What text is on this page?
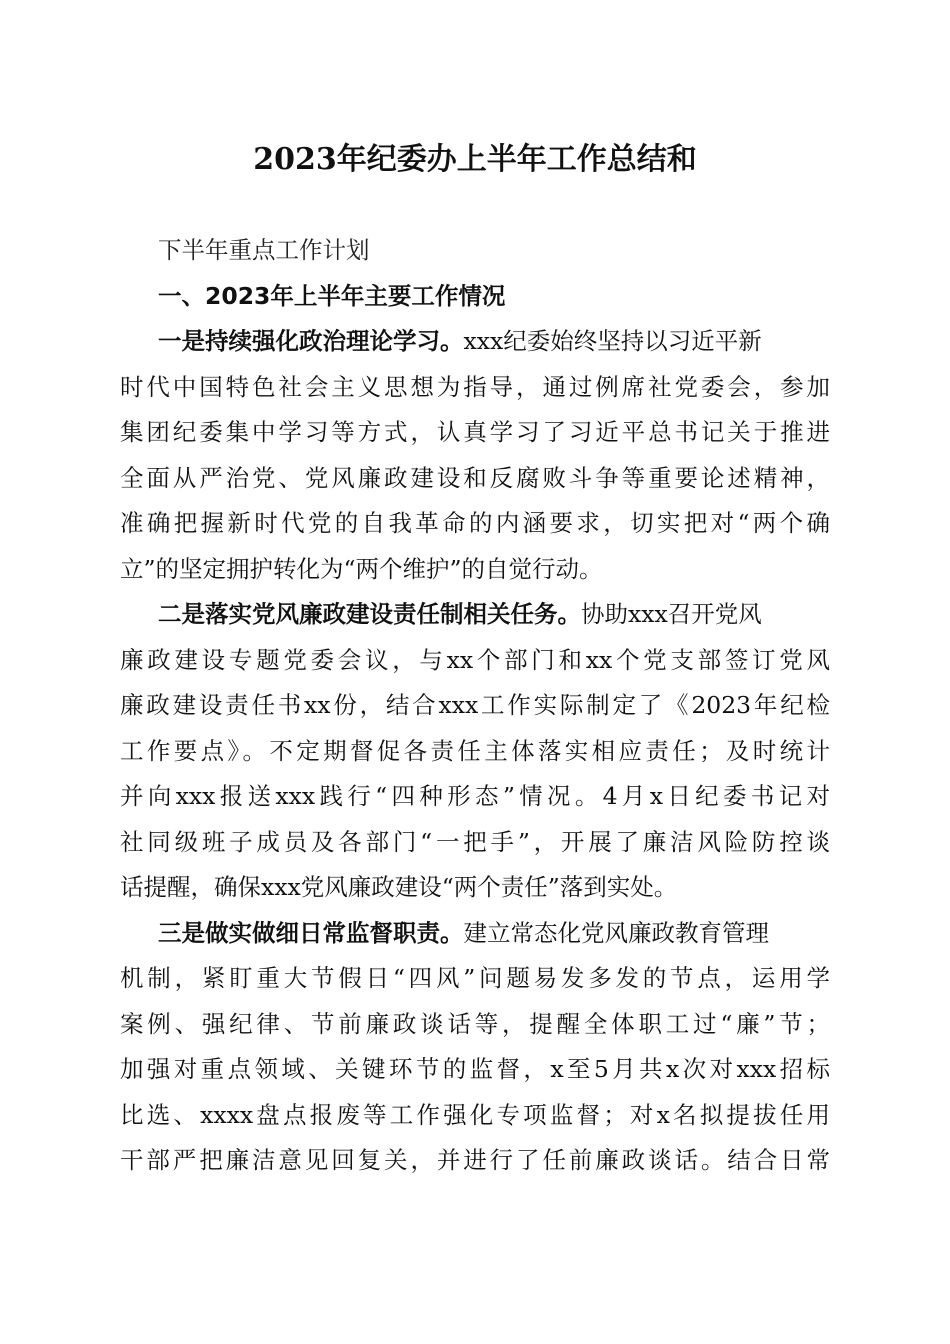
2023年纪委办上半年工作总结和
下半年重点工作计划
一、2023年上半年主要工作情况
一是持续强化政治理论学习。xxx纪委始终坚持以习近平新
时代中国特色社会主义思想为指导，通过例席社党委会，参加
集团纪委集中学习等方式，认真学习了习近平总书记关于推进
全面从严治党、党风廉政建设和反腐败斗争等重要论述精神，
准确把握新时代党的自我革命的内涵要求，切实把对“两个确
立”的坚定拥护转化为“两个维护”的自觉行动。
二是落实党风廉政建设责任制相关任务。协助xxx召开党风
廉政建设专题党委会议，与xx个部门和xx个党支部签订党风
廉政建设责任书xx份，结合xxx工作实际制定了《2023年纪检
工作要点》。不定期督促各责任主体落实相应责任；及时统计
并向xxx报送xxx践行“四种形态”情况。4月x日纪委书记对
社同级班子成员及各部门“一把手”，开展了廉洁风险防控谈
话提醒，确保xxx党风廉政建设“两个责任”落到实处。
三是做实做细日常监督职责。建立常态化党风廉政教育管理
机制，紧盯重大节假日“四风”问题易发多发的节点，运用学
案例、强纪律、节前廉政谈话等，提醒全体职工过“廉”节；
加强对重点领域、关键环节的监督，x至5月共x次对xxx招标
比选、xxxx盘点报废等工作强化专项监督；对x名拟提拔任用
干部严把廉洁意见回复关，并进行了任前廉政谈话。结合日常
